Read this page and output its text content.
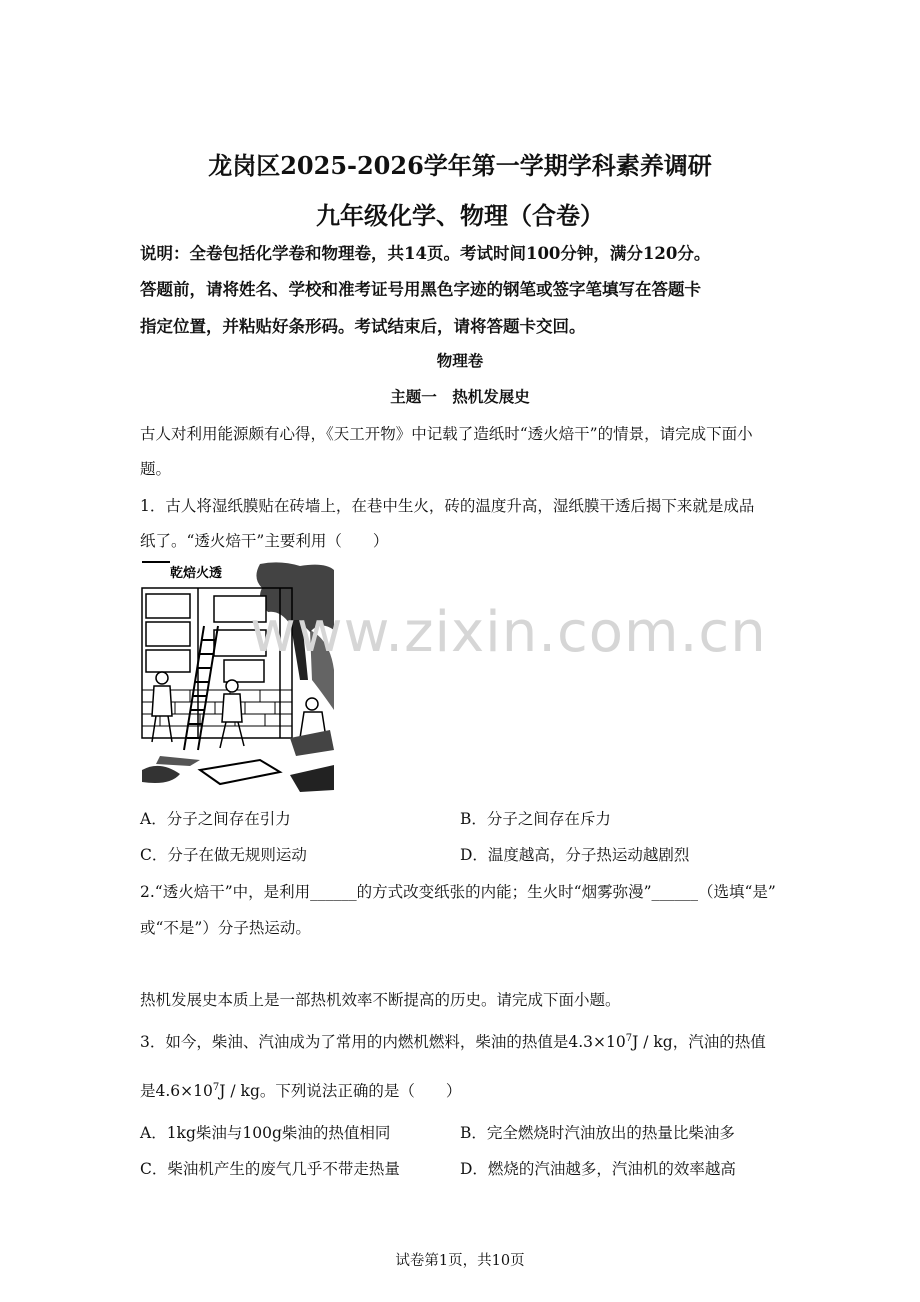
龙岗区2025-2026学年第一学期学科素养调研
九年级化学、物理（合卷）
说明：全卷包括化学卷和物理卷，共14页。考试时间100分钟，满分120分。
答题前，请将姓名、学校和准考证号用黑色字迹的钢笔或签字笔填写在答题卡
指定位置，并粘贴好条形码。考试结束后，请将答题卡交回。
物理卷
主题一　热机发展史
古人对利用能源颇有心得，《天工开物》中记载了造纸时“透火焙干”的情景，请完成下面小
题。
1．古人将湿纸膜贴在砖墙上，在巷中生火，砖的温度升高，湿纸膜干透后揭下来就是成品
纸了。“透火焙干”主要利用（　　）
乾焙火透
www.zixin.com.cn
A．分子之间存在引力	B．分子之间存在斥力
C．分子在做无规则运动	D．温度越高，分子热运动越剧烈
2.“透火焙干”中，是利用______的方式改变纸张的内能；生火时“烟雾弥漫”______（选填“是”
或“不是”）分子热运动。
热机发展史本质上是一部热机效率不断提高的历史。请完成下面小题。
3．如今，柴油、汽油成为了常用的内燃机燃料，柴油的热值是$4.3\times 10^7J$ / kg，汽油的热值
是$4.6\times 10^7J$ / kg。下列说法正确的是（　　）
A．1kg柴油与100g柴油的热值相同	B．完全燃烧时汽油放出的热量比柴油多
C．柴油机产生的废气几乎不带走热量	D．燃烧的汽油越多，汽油机的效率越高
试卷第1页，共10页
